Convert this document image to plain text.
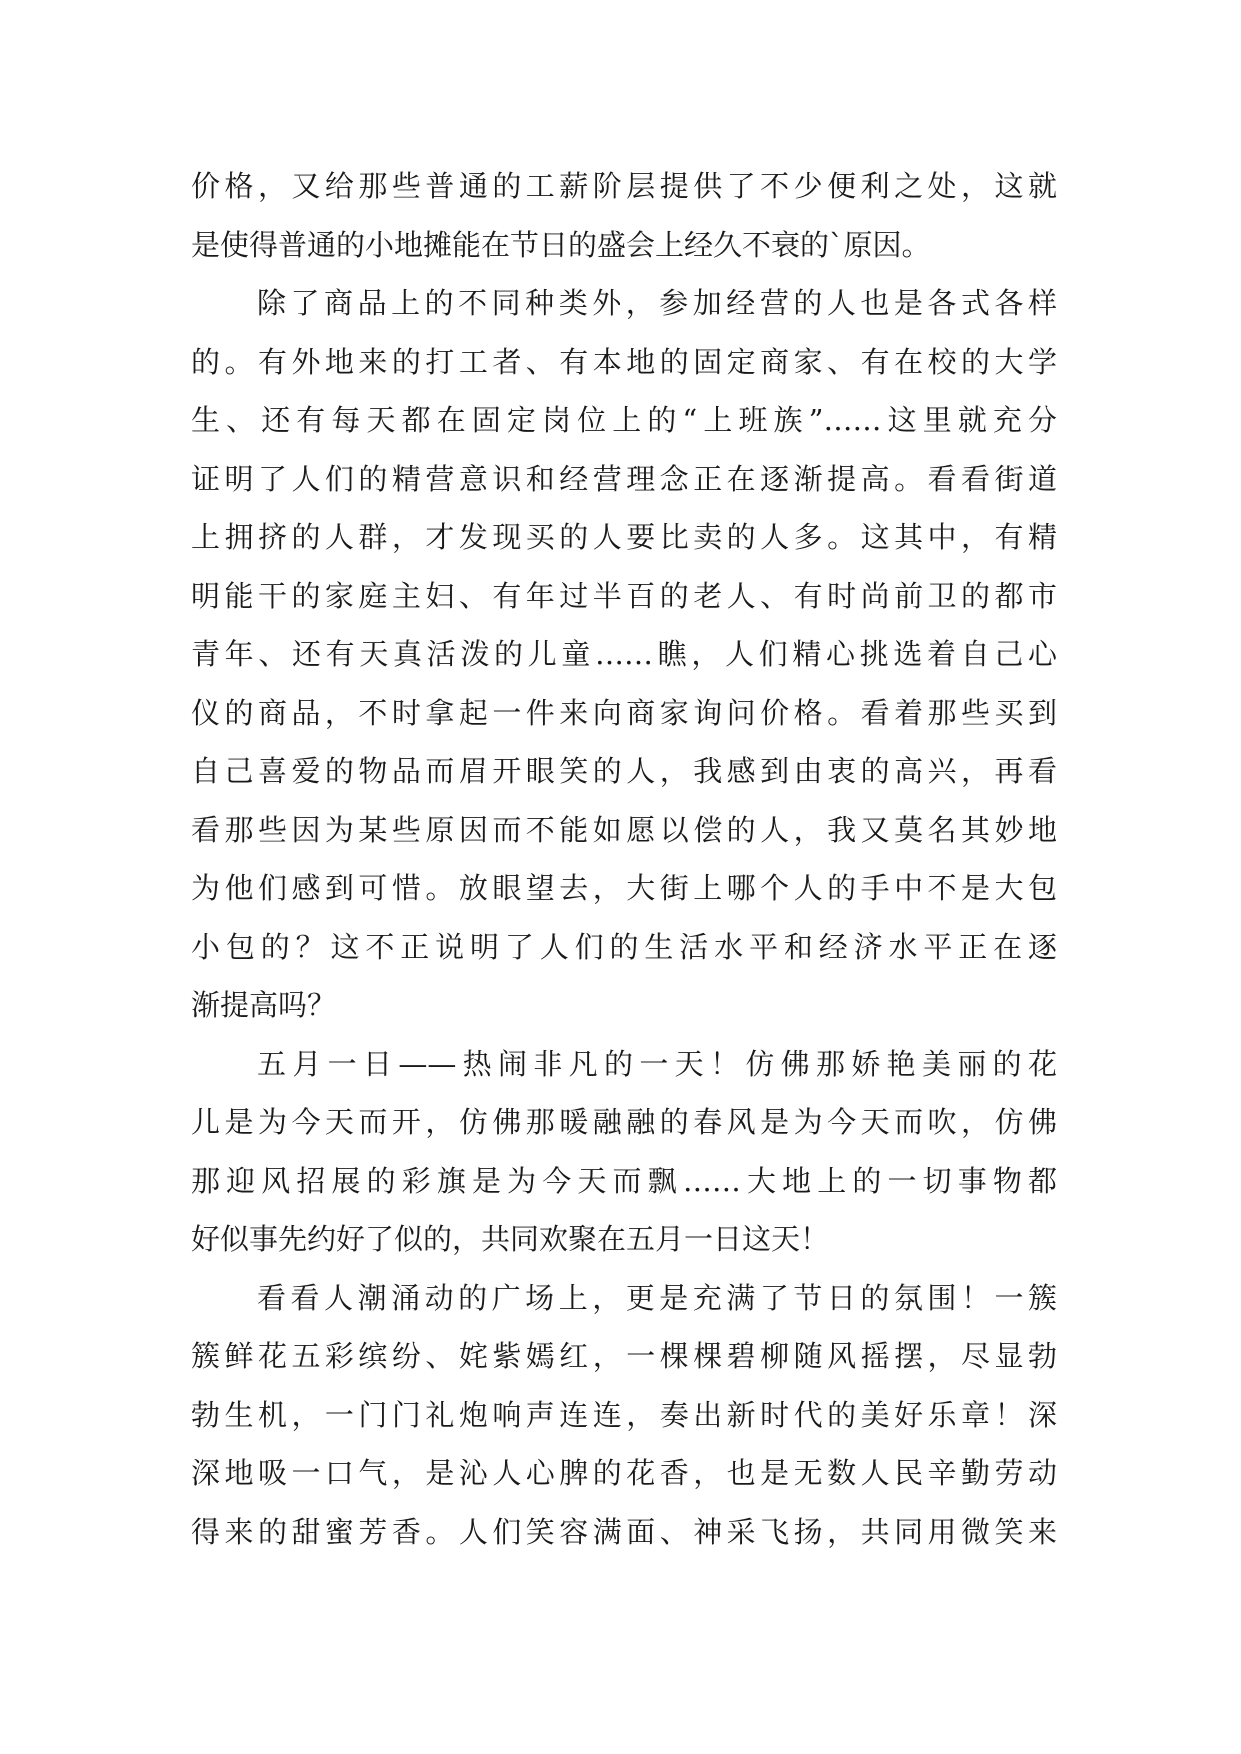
价格，又给那些普通的工薪阶层提供了不少便利之处，这就
是使得普通的小地摊能在节日的盛会上经久不衰的`原因。
除了商品上的不同种类外，参加经营的人也是各式各样
的。有外地来的打工者、有本地的固定商家、有在校的大学
生、还有每天都在固定岗位上的“上班族”……这里就充分
证明了人们的精营意识和经营理念正在逐渐提高。看看街道
上拥挤的人群，才发现买的人要比卖的人多。这其中，有精
明能干的家庭主妇、有年过半百的老人、有时尚前卫的都市
青年、还有天真活泼的儿童……瞧，人们精心挑选着自己心
仪的商品，不时拿起一件来向商家询问价格。看着那些买到
自己喜爱的物品而眉开眼笑的人，我感到由衷的高兴，再看
看那些因为某些原因而不能如愿以偿的人，我又莫名其妙地
为他们感到可惜。放眼望去，大街上哪个人的手中不是大包
小包的？这不正说明了人们的生活水平和经济水平正在逐
渐提高吗？
五月一日——热闹非凡的一天！仿佛那娇艳美丽的花
儿是为今天而开，仿佛那暖融融的春风是为今天而吹，仿佛
那迎风招展的彩旗是为今天而飘……大地上的一切事物都
好似事先约好了似的，共同欢聚在五月一日这天！
看看人潮涌动的广场上，更是充满了节日的氛围！一簇
簇鲜花五彩缤纷、姹紫嫣红，一棵棵碧柳随风摇摆，尽显勃
勃生机，一门门礼炮响声连连，奏出新时代的美好乐章！深
深地吸一口气，是沁人心脾的花香，也是无数人民辛勤劳动
得来的甜蜜芳香。人们笑容满面、神采飞扬，共同用微笑来
